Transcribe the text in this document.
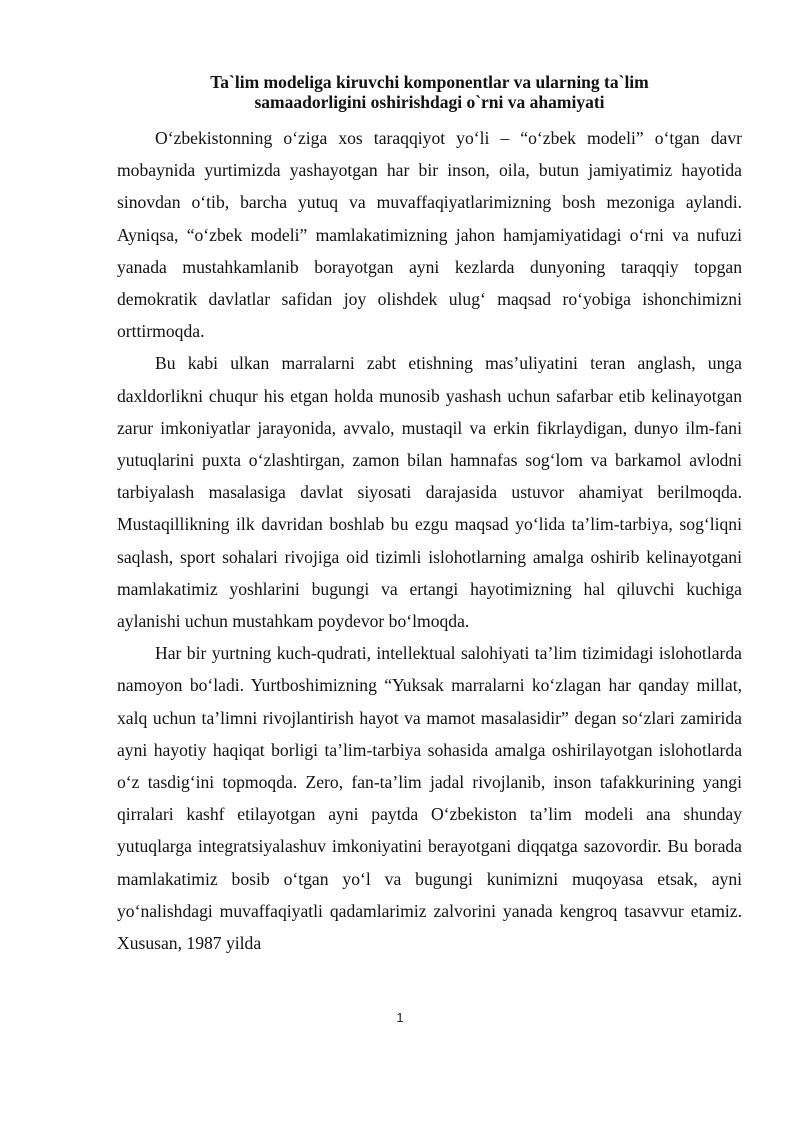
Ta`lim modeliga kiruvchi komponentlar va ularning ta`lim
samaadorligini oshirishdagi o`rni va ahamiyati

O‘zbekistonning o‘ziga xos taraqqiyot yo‘li – “o‘zbek modeli” o‘tgan davr mobaynida yurtimizda yashayotgan har bir inson, oila, butun jamiyatimiz hayotida sinovdan o‘tib, barcha yutuq va muvaffaqiyatlarimizning bosh mezoniga aylandi. Ayniqsa, “o‘zbek modeli” mamlakatimizning jahon hamjamiyatidagi o‘rni va nufuzi yanada mustahkamlanib borayotgan ayni kezlarda dunyoning taraqqiy topgan demokratik davlatlar safidan joy olishdek ulug‘ maqsad ro‘yobiga ishonchimizni orttirmoqda.

Bu kabi ulkan marralarni zabt etishning mas’uliyatini teran anglash, unga daxldorlikni chuqur his etgan holda munosib yashash uchun safarbar etib kelinayotgan zarur imkoniyatlar jarayonida, avvalo, mustaqil va erkin fikrlaydigan, dunyo ilm-fani yutuqlarini puxta o‘zlashtirgan, zamon bilan hamnafas sog‘lom va barkamol avlodni tarbiyalash masalasiga davlat siyosati darajasida ustuvor ahamiyat berilmoqda. Mustaqillikning ilk davridan boshlab bu ezgu maqsad yo‘lida ta’lim-tarbiya, sog‘liqni saqlash, sport sohalari rivojiga oid tizimli islohotlarning amalga oshirib kelinayotgani mamlakatimiz yoshlarini bugungi va ertangi hayotimizning hal qiluvchi kuchiga aylanishi uchun mustahkam poydevor bo‘lmoqda.

Har bir yurtning kuch-qudrati, intellektual salohiyati ta’lim tizimidagi islohotlarda namoyon bo‘ladi. Yurtboshimizning “Yuksak marralarni ko‘zlagan har qanday millat, xalq uchun ta’limni rivojlantirish hayot va mamot masalasidir” degan so‘zlari zamirida ayni hayotiy haqiqat borligi ta’lim-tarbiya sohasida amalga oshirilayotgan islohotlarda o‘z tasdig‘ini topmoqda. Zero, fan-ta’lim jadal rivojlanib, inson tafakkurining yangi qirralari kashf etilayotgan ayni paytda O‘zbekiston ta’lim modeli ana shunday yutuqlarga integratsiyalashuv imkoniyatini berayotgani diqqatga sazovordir. Bu borada mamlakatimiz bosib o‘tgan yo‘l va bugungi kunimizni muqoyasa etsak, ayni yo‘nalishdagi muvaffaqiyatli qadamlarimiz zalvorini yanada kengroq tasavvur etamiz. Xususan, 1987 yilda

1
